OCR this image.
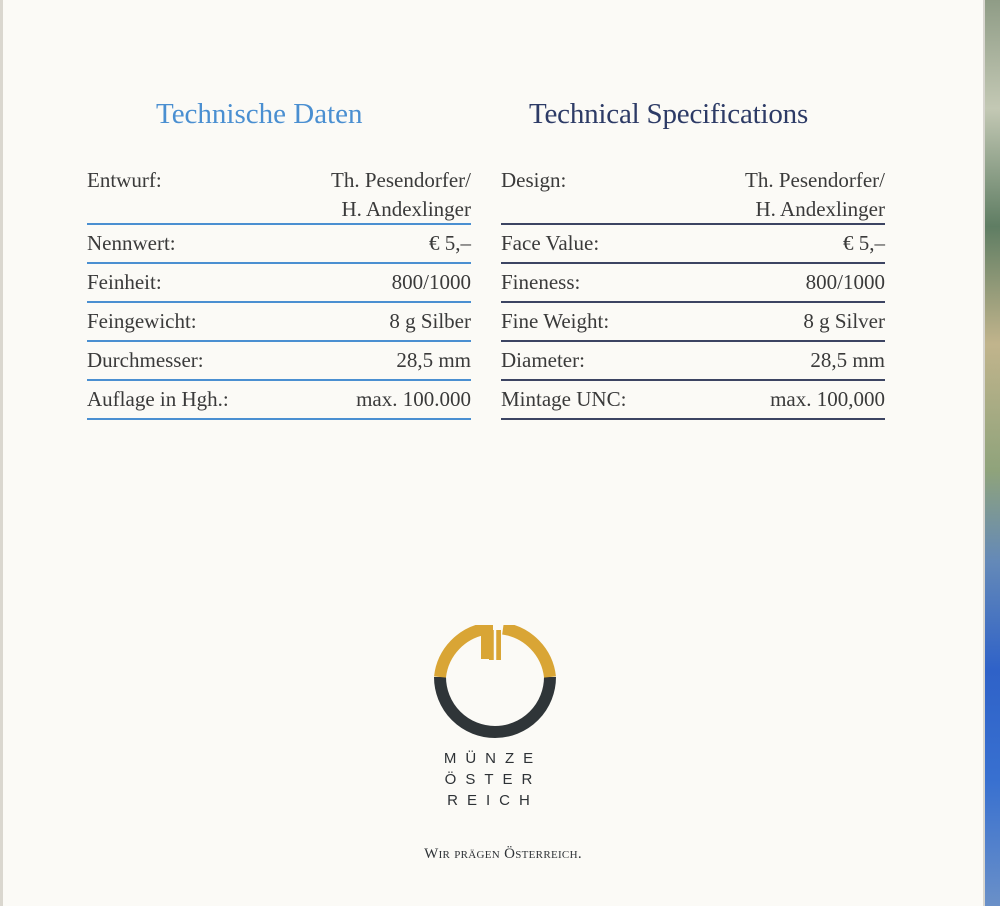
Technische Daten	Technical Specifications
Entwurf:	Th. Pesendorfer/
H. Andexlinger
Nennwert:	€ 5,–
Feinheit:	800/1000
Feingewicht:	8 g Silber
Durchmesser:	28,5 mm
Auflage in Hgh.:	max. 100.000
Design:	Th. Pesendorfer/
H. Andexlinger
Face Value:	€ 5,–
Fineness:	800/1000
Fine Weight:	8 g Silver
Diameter:	28,5 mm
Mintage UNC:	max. 100,000
MÜNZE
ÖSTER
REICH
Wir prägen Österreich.
